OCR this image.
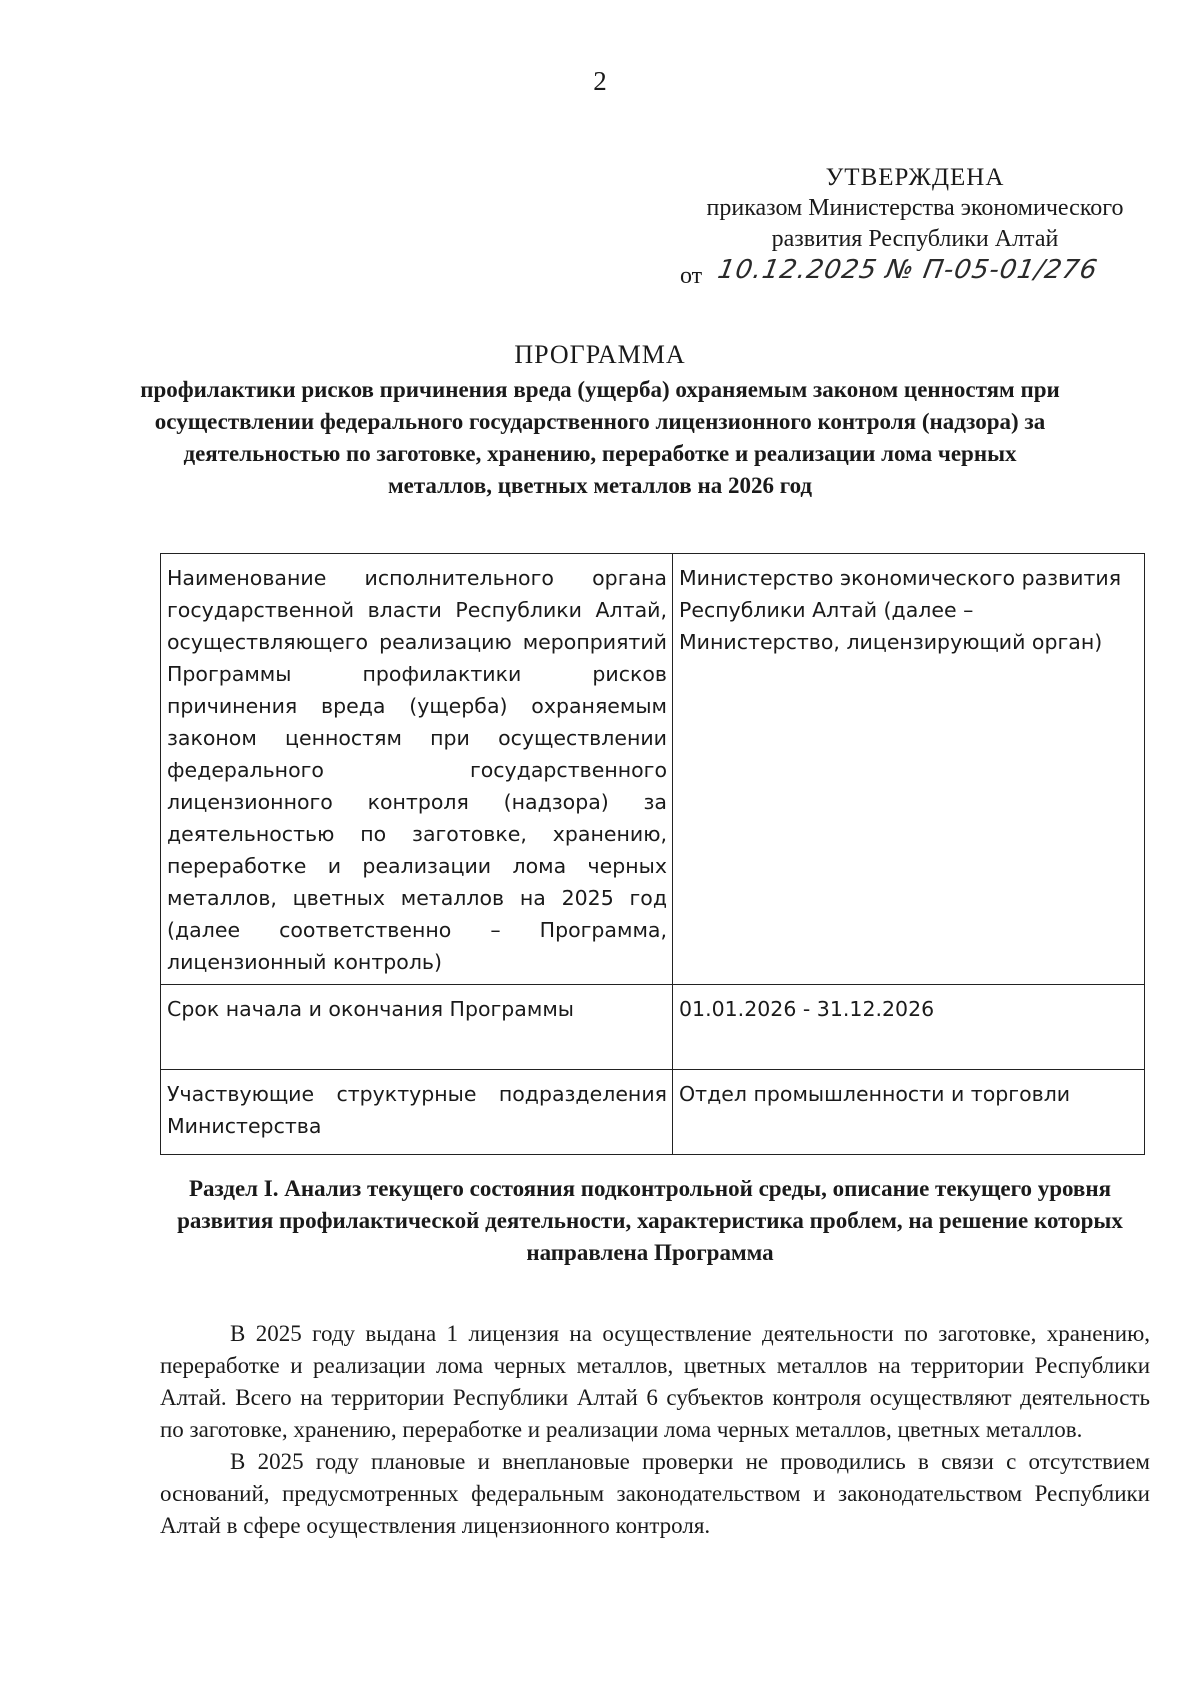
2
УТВЕРЖДЕНА
приказом Министерства экономического
развития Республики Алтай
от 10.12.2025 № П-05-01/276
ПРОГРАММА
профилактики рисков причинения вреда (ущерба) охраняемым законом ценностям при осуществлении федерального государственного лицензионного контроля (надзора) за деятельностью по заготовке, хранению, переработке и реализации лома черных металлов, цветных металлов на 2026 год
Наименование исполнительного органа государственной власти Республики Алтай, осуществляющего реализацию мероприятий Программы профилактики рисков причинения вреда (ущерба) охраняемым законом ценностям при осуществлении федерального государственного лицензионного контроля (надзора) за деятельностью по заготовке, хранению, переработке и реализации лома черных металлов, цветных металлов на 2025 год (далее соответственно – Программа, лицензионный контроль)	Министерство экономического развития Республики Алтай (далее – Министерство, лицензирующий орган)
Срок начала и окончания Программы	01.01.2026 - 31.12.2026
Участвующие структурные подразделения Министерства	Отдел промышленности и торговли
Раздел I. Анализ текущего состояния подконтрольной среды, описание текущего уровня развития профилактической деятельности, характеристика проблем, на решение которых направлена Программа

В 2025 году выдана 1 лицензия на осуществление деятельности по заготовке, хранению, переработке и реализации лома черных металлов, цветных металлов на территории Республики Алтай. Всего на территории Республики Алтай 6 субъектов контроля осуществляют деятельность по заготовке, хранению, переработке и реализации лома черных металлов, цветных металлов.

В 2025 году плановые и внеплановые проверки не проводились в связи с отсутствием оснований, предусмотренных федеральным законодательством и законодательством Республики Алтай в сфере осуществления лицензионного контроля.
